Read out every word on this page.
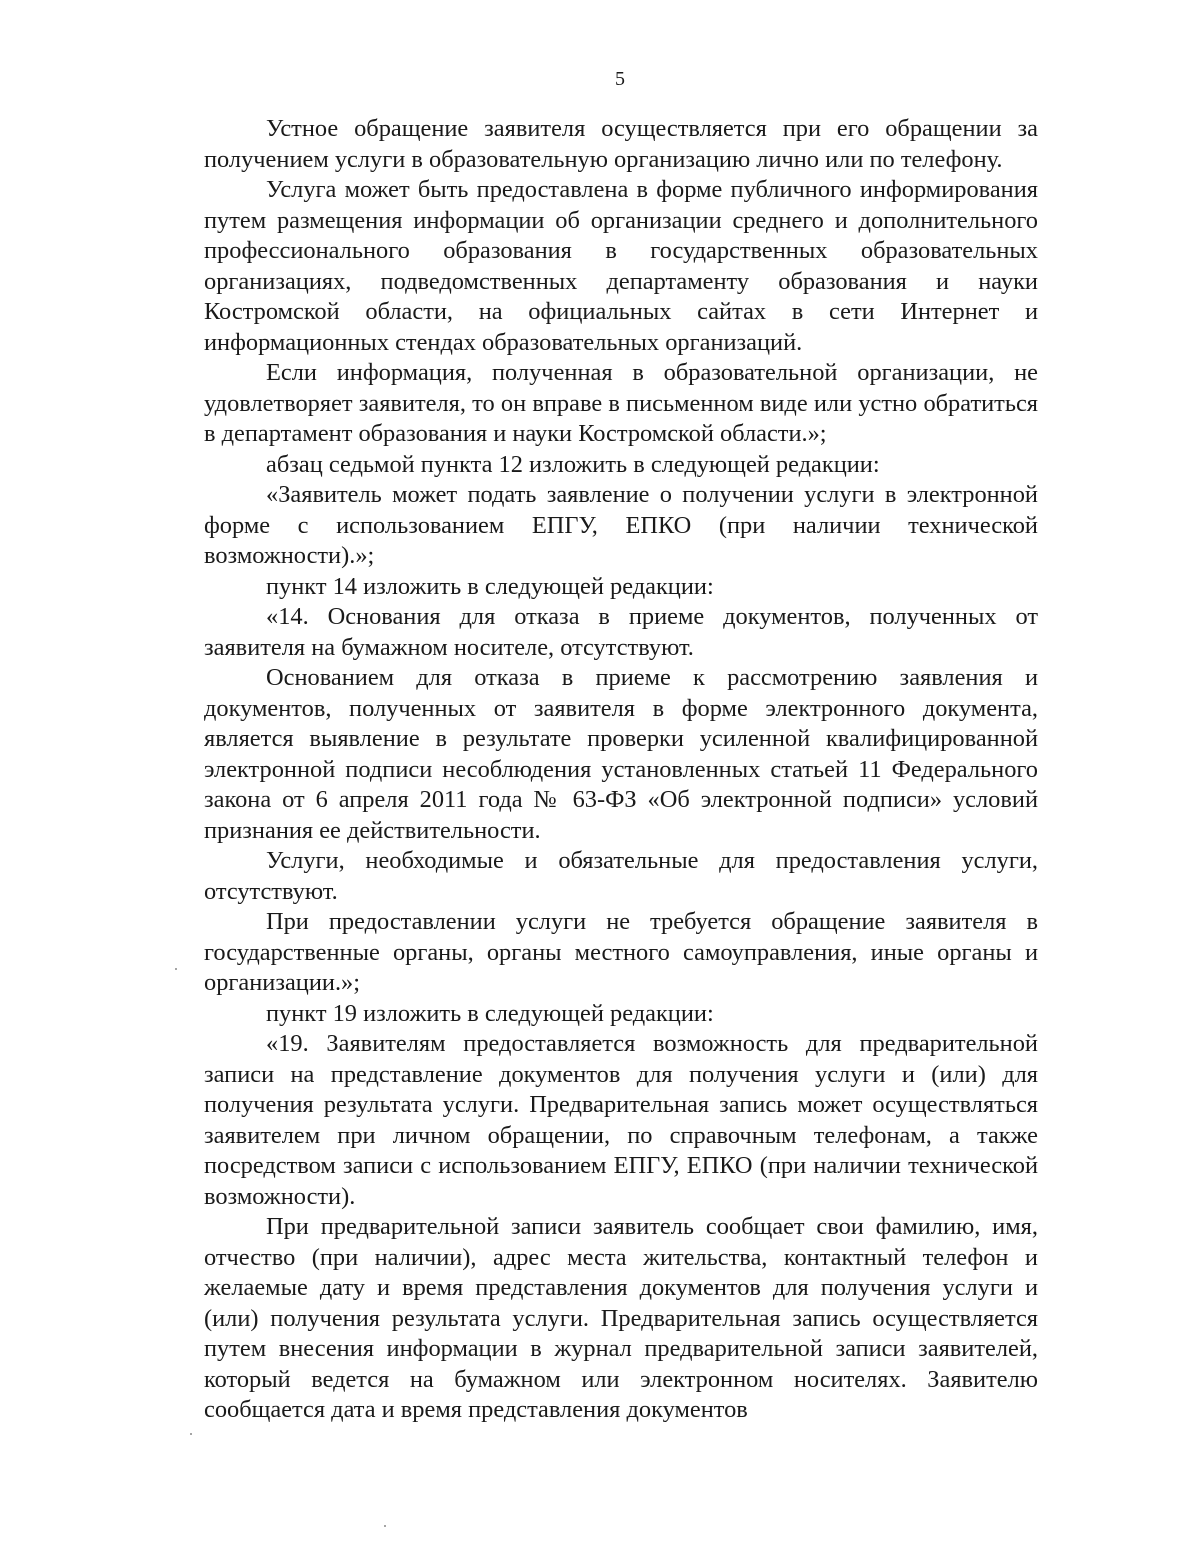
5

Устное обращение заявителя осуществляется при его обращении за получением услуги в образовательную организацию лично или по телефону.

Услуга может быть предоставлена в форме публичного информирования путем размещения информации об организации среднего и дополнительного профессионального образования в государственных образовательных организациях, подведомственных департаменту образования и науки Костромской области, на официальных сайтах в сети Интернет и информационных стендах образовательных организаций.

Если информация, полученная в образовательной организации, не удовлетворяет заявителя, то он вправе в письменном виде или устно обратиться в департамент образования и науки Костромской области.»;

абзац седьмой пункта 12 изложить в следующей редакции:

«Заявитель может подать заявление о получении услуги в электронной форме с использованием ЕПГУ, ЕПКО (при наличии технической возможности).»;

пункт 14 изложить в следующей редакции:

«14. Основания для отказа в приеме документов, полученных от заявителя на бумажном носителе, отсутствуют.

Основанием для отказа в приеме к рассмотрению заявления и документов, полученных от заявителя в форме электронного документа, является выявление в результате проверки усиленной квалифицированной электронной подписи несоблюдения установленных статьей 11 Федерального закона от 6 апреля 2011 года № 63-ФЗ «Об электронной подписи» условий признания ее действительности.

Услуги, необходимые и обязательные для предоставления услуги, отсутствуют.

При предоставлении услуги не требуется обращение заявителя в государственные органы, органы местного самоуправления, иные органы и организации.»;

пункт 19 изложить в следующей редакции:

«19. Заявителям предоставляется возможность для предварительной записи на представление документов для получения услуги и (или) для получения результата услуги. Предварительная запись может осуществляться заявителем при личном обращении, по справочным телефонам, а также посредством записи с использованием ЕПГУ, ЕПКО (при наличии технической возможности).

При предварительной записи заявитель сообщает свои фамилию, имя, отчество (при наличии), адрес места жительства, контактный телефон и желаемые дату и время представления документов для получения услуги и (или) получения результата услуги. Предварительная запись осуществляется путем внесения информации в журнал предварительной записи заявителей, который ведется на бумажном или электронном носителях. Заявителю сообщается дата и время представления документов
